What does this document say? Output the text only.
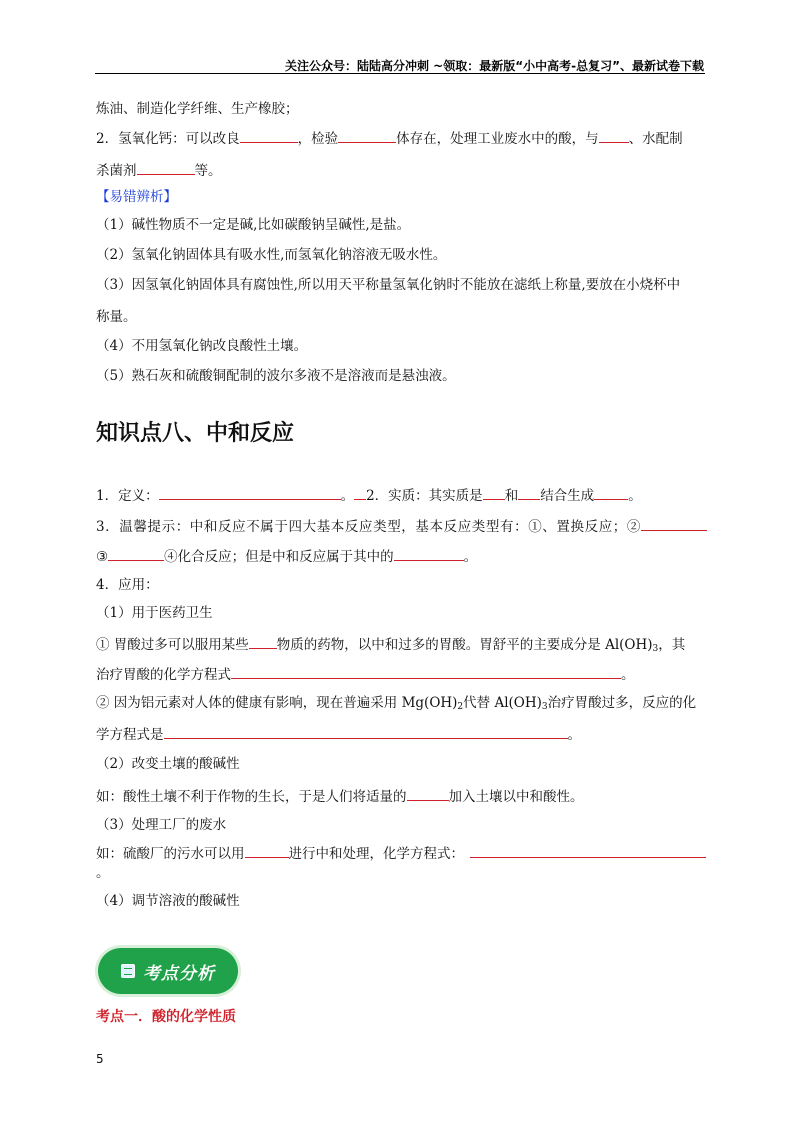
关注公众号：陆陆高分冲刺 ~领取：最新版“小中高考-总复习”、最新试卷下载
炼油、制造化学纤维、生产橡胶；
2．氢氧化钙：可以改良	，检验	体存在，处理工业废水中的酸，与 、水配制
杀菌剂	等。
【易错辨析】
（1）碱性物质不一定是碱,比如碳酸钠呈碱性,是盐。
（2）氢氧化钠固体具有吸水性,而氢氧化钠溶液无吸水性。
（3）因氢氧化钠固体具有腐蚀性,所以用天平称量氢氧化钠时不能放在滤纸上称量,要放在小烧杯中
称量。
（4）不用氢氧化钠改良酸性土壤。
（5）熟石灰和硫酸铜配制的波尔多液不是溶液而是悬浊液。
知识点八、中和反应
1．定义：	。 2．实质：其实质是 和 结合生成	。
3．温馨提示：中和反应不属于四大基本反应类型，基本反应类型有：①、置换反应；②
③	④化合反应；但是中和反应属于其中的	。
4．应用：
（1）用于医药卫生
① 胃酸过多可以服用某些 物质的药物，以中和过多的胃酸。胃舒平的主要成分是 $Al(OH)_3$，其
治疗胃酸的化学方程式	。
② 因为铝元素对人体的健康有影响，现在普遍采用 $Mg(OH)_2$代替 $Al(OH)_3$治疗胃酸过多，反应的化
学方程式是	。
（2）改变土壤的酸碱性
如：酸性土壤不利于作物的生长，于是人们将适量的	加入土壤以中和酸性。
（3）处理工厂的废水
如：硫酸厂的污水可以用	进行中和处理，化学方程式：
。
（4）调节溶液的酸碱性
考点分析
考点一．酸的化学性质
5
